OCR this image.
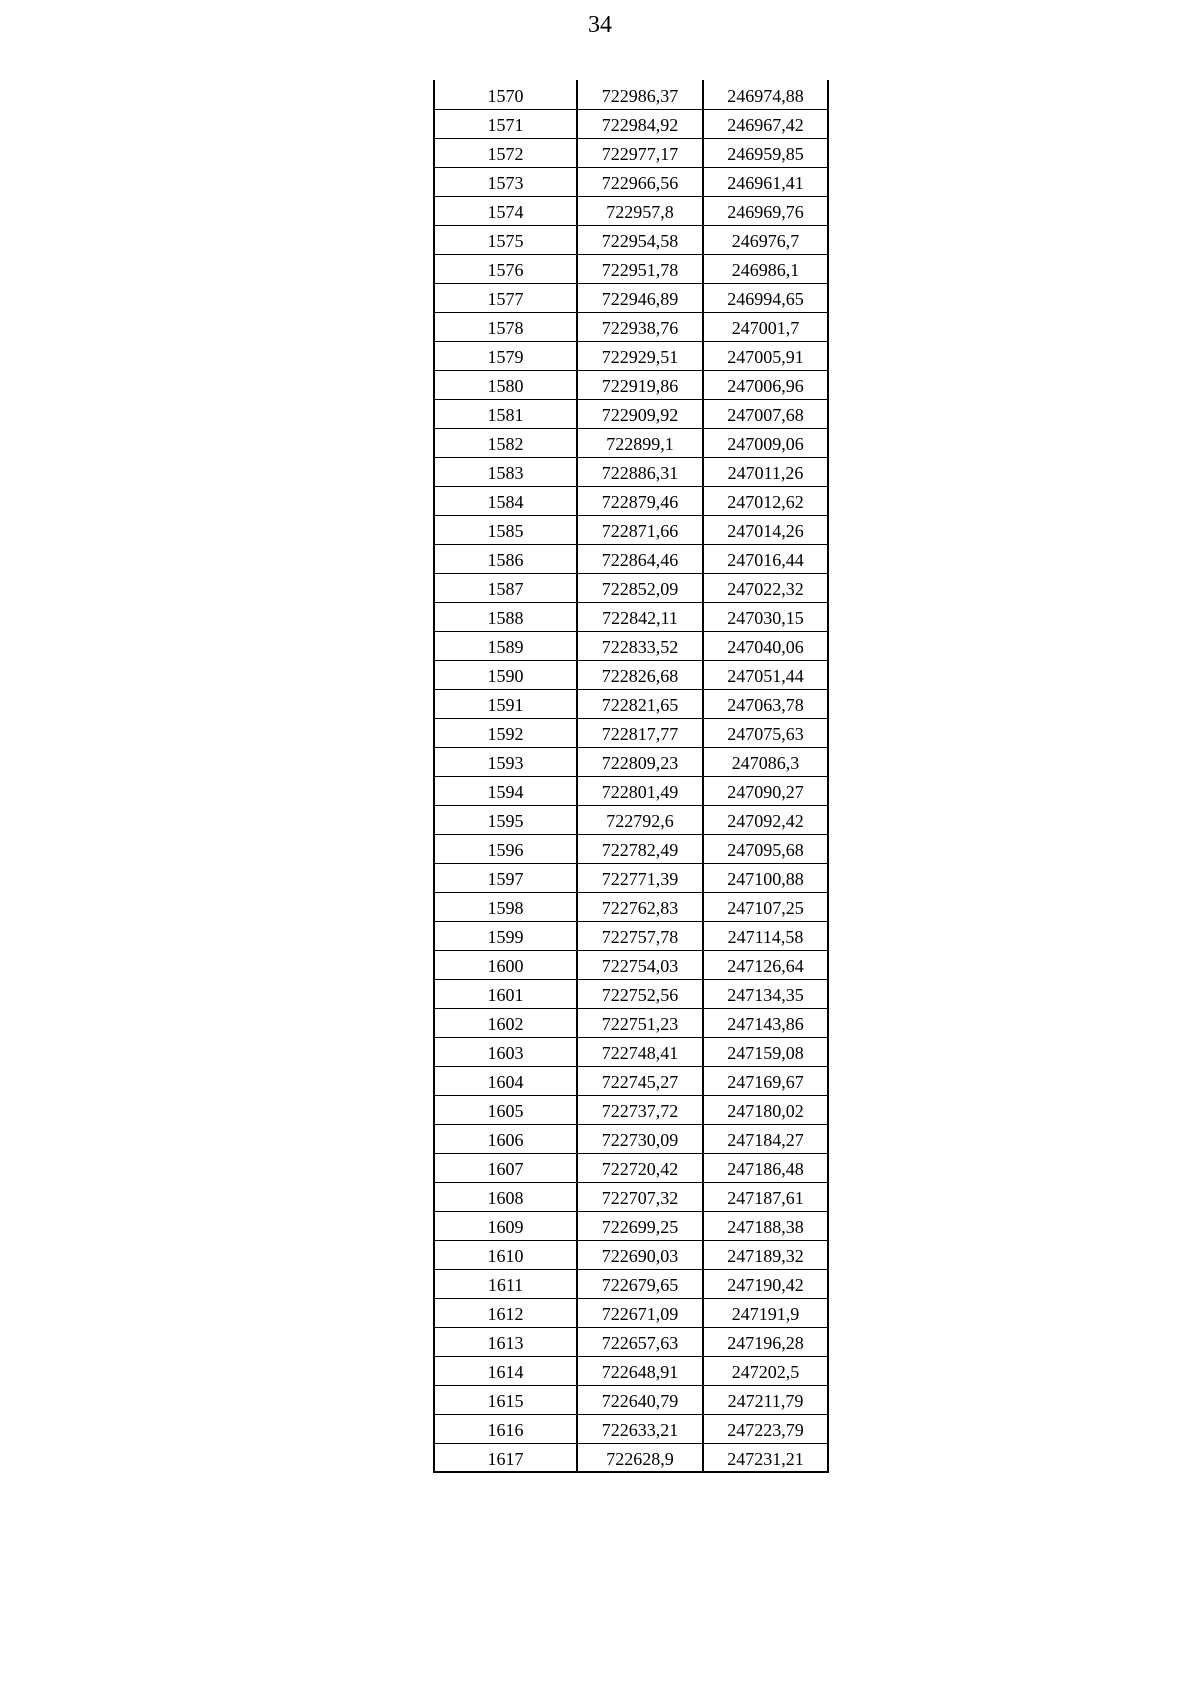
34
1570	722986,37	246974,88
1571	722984,92	246967,42
1572	722977,17	246959,85
1573	722966,56	246961,41
1574	722957,8	246969,76
1575	722954,58	246976,7
1576	722951,78	246986,1
1577	722946,89	246994,65
1578	722938,76	247001,7
1579	722929,51	247005,91
1580	722919,86	247006,96
1581	722909,92	247007,68
1582	722899,1	247009,06
1583	722886,31	247011,26
1584	722879,46	247012,62
1585	722871,66	247014,26
1586	722864,46	247016,44
1587	722852,09	247022,32
1588	722842,11	247030,15
1589	722833,52	247040,06
1590	722826,68	247051,44
1591	722821,65	247063,78
1592	722817,77	247075,63
1593	722809,23	247086,3
1594	722801,49	247090,27
1595	722792,6	247092,42
1596	722782,49	247095,68
1597	722771,39	247100,88
1598	722762,83	247107,25
1599	722757,78	247114,58
1600	722754,03	247126,64
1601	722752,56	247134,35
1602	722751,23	247143,86
1603	722748,41	247159,08
1604	722745,27	247169,67
1605	722737,72	247180,02
1606	722730,09	247184,27
1607	722720,42	247186,48
1608	722707,32	247187,61
1609	722699,25	247188,38
1610	722690,03	247189,32
1611	722679,65	247190,42
1612	722671,09	247191,9
1613	722657,63	247196,28
1614	722648,91	247202,5
1615	722640,79	247211,79
1616	722633,21	247223,79
1617	722628,9	247231,21
